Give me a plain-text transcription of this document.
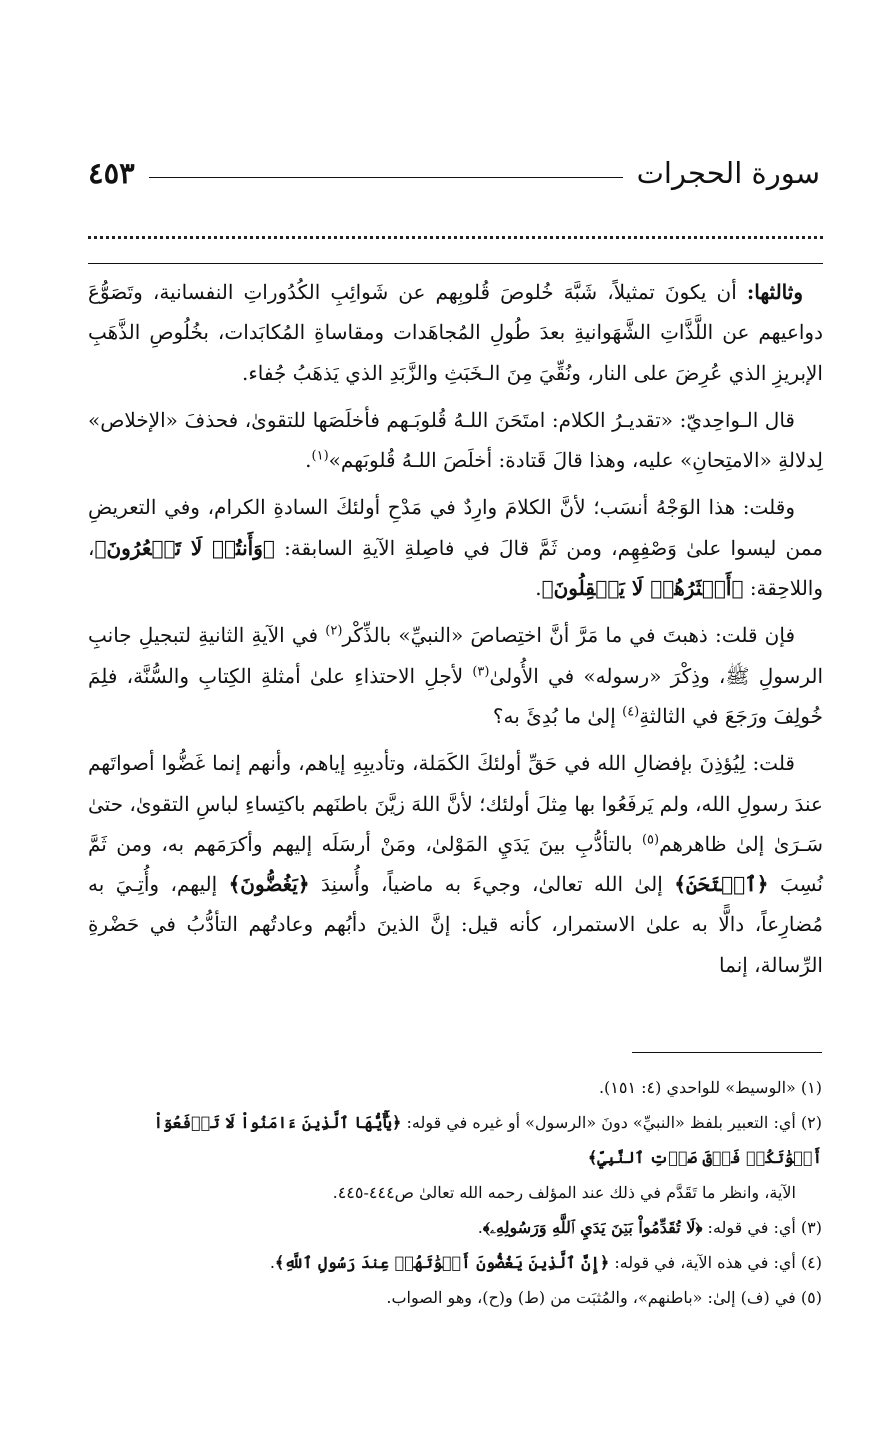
٤٥٣	سورة الحجرات

وثالثها: أن يكونَ تمثيلاً، شَبَّهَ خُلوصَ قُلوبِهم عن شَوائِبِ الكُدُوراتِ النفسانية، وتَصَوُّعَ دواعيهم عن اللَّذَّاتِ الشَّهَوانيةِ بعدَ طُولِ المُجاهَدات ومقاساةِ المُكابَدات، بخُلُوصِ الذَّهَبِ الإبريزِ الذي عُرِضَ على النار، ونُقِّيَ مِنَ الـخَبَثِ والزَّبَدِ الذي يَذهَبُ جُفاء.

قال الـواحِديّ: «تقديـرُ الكلام: امتَحَنَ اللـهُ قُلوبَـهم فأخلَصَها للتقوىٰ، فحذفَ «الإخلاص» لِدلالةِ «الامتِحانِ» عليه، وهذا قالَ قَتادة: أخلَصَ اللـهُ قُلوبَهم»$^{(١)}$.

وقلت: هذا الوَجْهُ أنسَب؛ لأنَّ الكلامَ وارِدٌ في مَدْحِ أولئكَ السادةِ الكرام، وفي التعريضِ ممن ليسوا علىٰ وَصْفِهِم، ومن ثَمَّ قالَ في فاصِلةِ الآيةِ السابقة: ﴿وَأَنتُمۡ لَا تَشۡعُرُونَ﴾، واللاحِقة: ﴿أَكۡثَرُهُمۡ لَا يَعۡقِلُونَ﴾.

فإن قلت: ذهبتَ في ما مَرَّ أنَّ اختِصاصَ «النبيِّ» بالذِّكْر$^{(٢)}$ في الآيةِ الثانيةِ لتبجيلِ جانبِ الرسولِ ﷺ، وذِكْرَ «رسوله» في الأُولىٰ$^{(٣)}$ لأجلِ الاحتذاءِ علىٰ أمثلةِ الكِتابِ والسُّنَّة، فلِمَ خُولِفَ ورَجَعَ في الثالثةِ$^{(٤)}$ إلىٰ ما بُدِئَ به؟

قلت: لِيُؤذِنَ بإفضالِ الله في حَقِّ أولئكَ الكَمَلة، وتأديبِهِ إياهم، وأنهم إنما غَضُّوا أصواتَهم عندَ رسولِ الله، ولم يَرفَعُوا بها مِثلَ أولئك؛ لأنَّ اللهَ زيَّنَ باطنَهم باكتِساءِ لباسِ التقوىٰ، حتىٰ سَـرَىٰ إلىٰ ظاهرهم$^{(٥)}$ بالتأدُّبِ بينَ يَدَيِ المَوْلىٰ، ومَنْ أرسَلَه إليهم وأكرَمَهم به، ومن ثَمَّ نُسِبَ ﴿ٱمۡتَحَنَ﴾ إلىٰ الله تعالىٰ، وجيءَ به ماضياً، وأُسنِدَ ﴿يَغُضُّونَ﴾ إليهم، وأُتِـيَ به مُضارِعاً، دالًّا به علىٰ الاستمرار، كأنه قيل: إنَّ الذينَ دأبُهم وعادتُهم التأدُّبُ في حَضْرةِ الرِّسالة، إنما

(١) «الوسيط» للواحدي (٤: ١٥١).

(٢) أي: التعبير بلفظ «النبيِّ» دونَ «الرسول» أو غيره في قوله: ﴿يَٰٓأَيُّهَا ٱلَّذِينَ ءَامَنُواْ لَا تَرۡفَعُوٓاْ أَصۡوَٰتَكُمۡ فَوۡقَ صَوۡتِ ٱلنَّبِيِّ﴾

الآية، وانظر ما تَقَدَّم في ذلك عند المؤلف رحمه الله تعالىٰ ص٤٤٤-٤٤٥.

(٣) أي: في قوله: ﴿لَا تُقَدِّمُواْ بَيۡنَ يَدَيِ ٱللَّهِ وَرَسُولِهِۦ﴾.

(٤) أي: في هذه الآية، في قوله: ﴿إِنَّ ٱلَّذِينَ يَغُضُّونَ أَصۡوَٰتَهُمۡ عِندَ رَسُولِ ٱللَّهِ﴾.

(٥) في (ف) إلىٰ: «باطنهم»، والمُثبَت من (ط) و(ح)، وهو الصواب.
